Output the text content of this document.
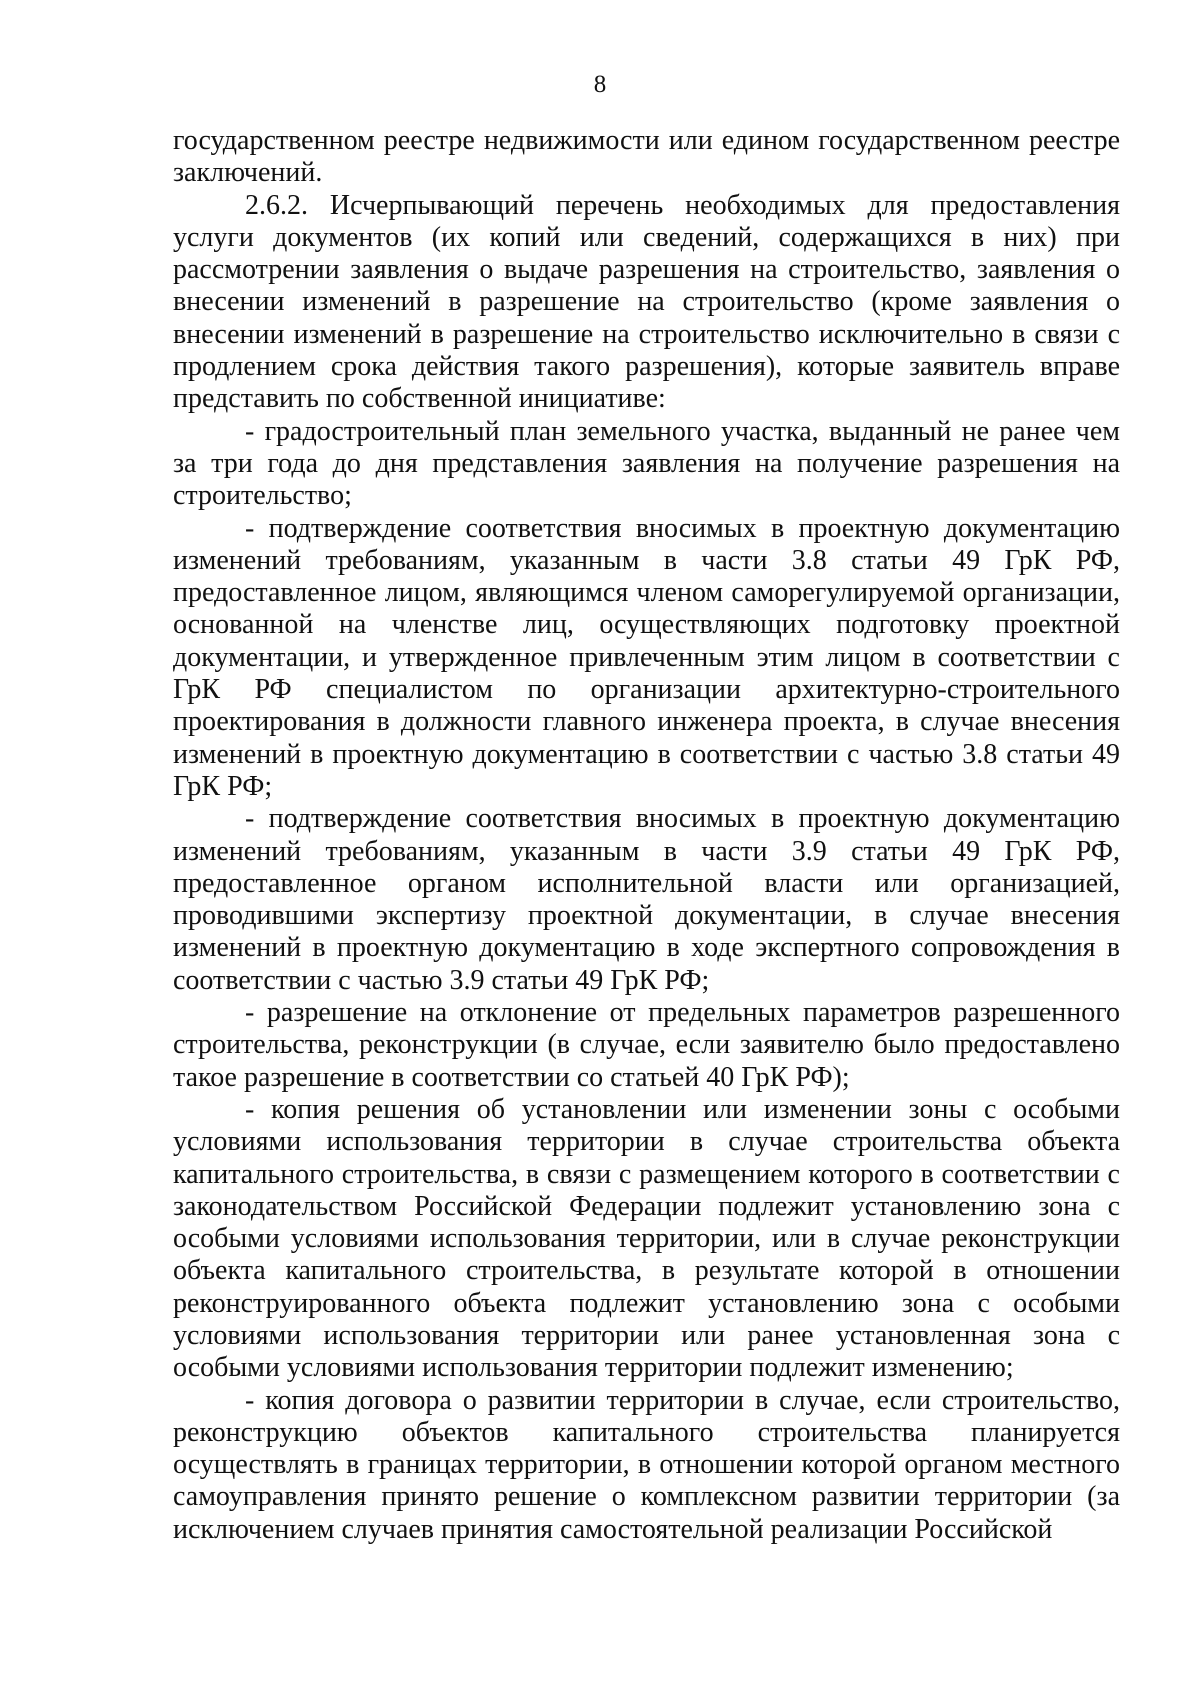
8

государственном реестре недвижимости или едином государственном реестре заключений.

2.6.2. Исчерпывающий перечень необходимых для предоставления услуги документов (их копий или сведений, содержащихся в них) при рассмотрении заявления о выдаче разрешения на строительство, заявления о внесении изменений в разрешение на строительство (кроме заявления о внесении изменений в разрешение на строительство исключительно в связи с продлением срока действия такого разрешения), которые заявитель вправе представить по собственной инициативе:

- градостроительный план земельного участка, выданный не ранее чем за три года до дня представления заявления на получение разрешения на строительство;

- подтверждение соответствия вносимых в проектную документацию изменений требованиям, указанным в части 3.8 статьи 49 ГрК РФ, предоставленное лицом, являющимся членом саморегулируемой организации, основанной на членстве лиц, осуществляющих подготовку проектной документации, и утвержденное привлеченным этим лицом в соответствии с ГрК РФ специалистом по организации архитектурно-строительного проектирования в должности главного инженера проекта, в случае внесения изменений в проектную документацию в соответствии с частью 3.8 статьи 49 ГрК РФ;

- подтверждение соответствия вносимых в проектную документацию изменений требованиям, указанным в части 3.9 статьи 49 ГрК РФ, предоставленное органом исполнительной власти или организацией, проводившими экспертизу проектной документации, в случае внесения изменений в проектную документацию в ходе экспертного сопровождения в соответствии с частью 3.9 статьи 49 ГрК РФ;

- разрешение на отклонение от предельных параметров разрешенного строительства, реконструкции (в случае, если заявителю было предоставлено такое разрешение в соответствии со статьей 40 ГрК РФ);

- копия решения об установлении или изменении зоны с особыми условиями использования территории в случае строительства объекта капитального строительства, в связи с размещением которого в соответствии с законодательством Российской Федерации подлежит установлению зона с особыми условиями использования территории, или в случае реконструкции объекта капитального строительства, в результате которой в отношении реконструированного объекта подлежит установлению зона с особыми условиями использования территории или ранее установленная зона с особыми условиями использования территории подлежит изменению;

- копия договора о развитии территории в случае, если строительство, реконструкцию объектов капитального строительства планируется осуществлять в границах территории, в отношении которой органом местного самоуправления принято решение о комплексном развитии территории (за исключением случаев принятия самостоятельной реализации Российской
